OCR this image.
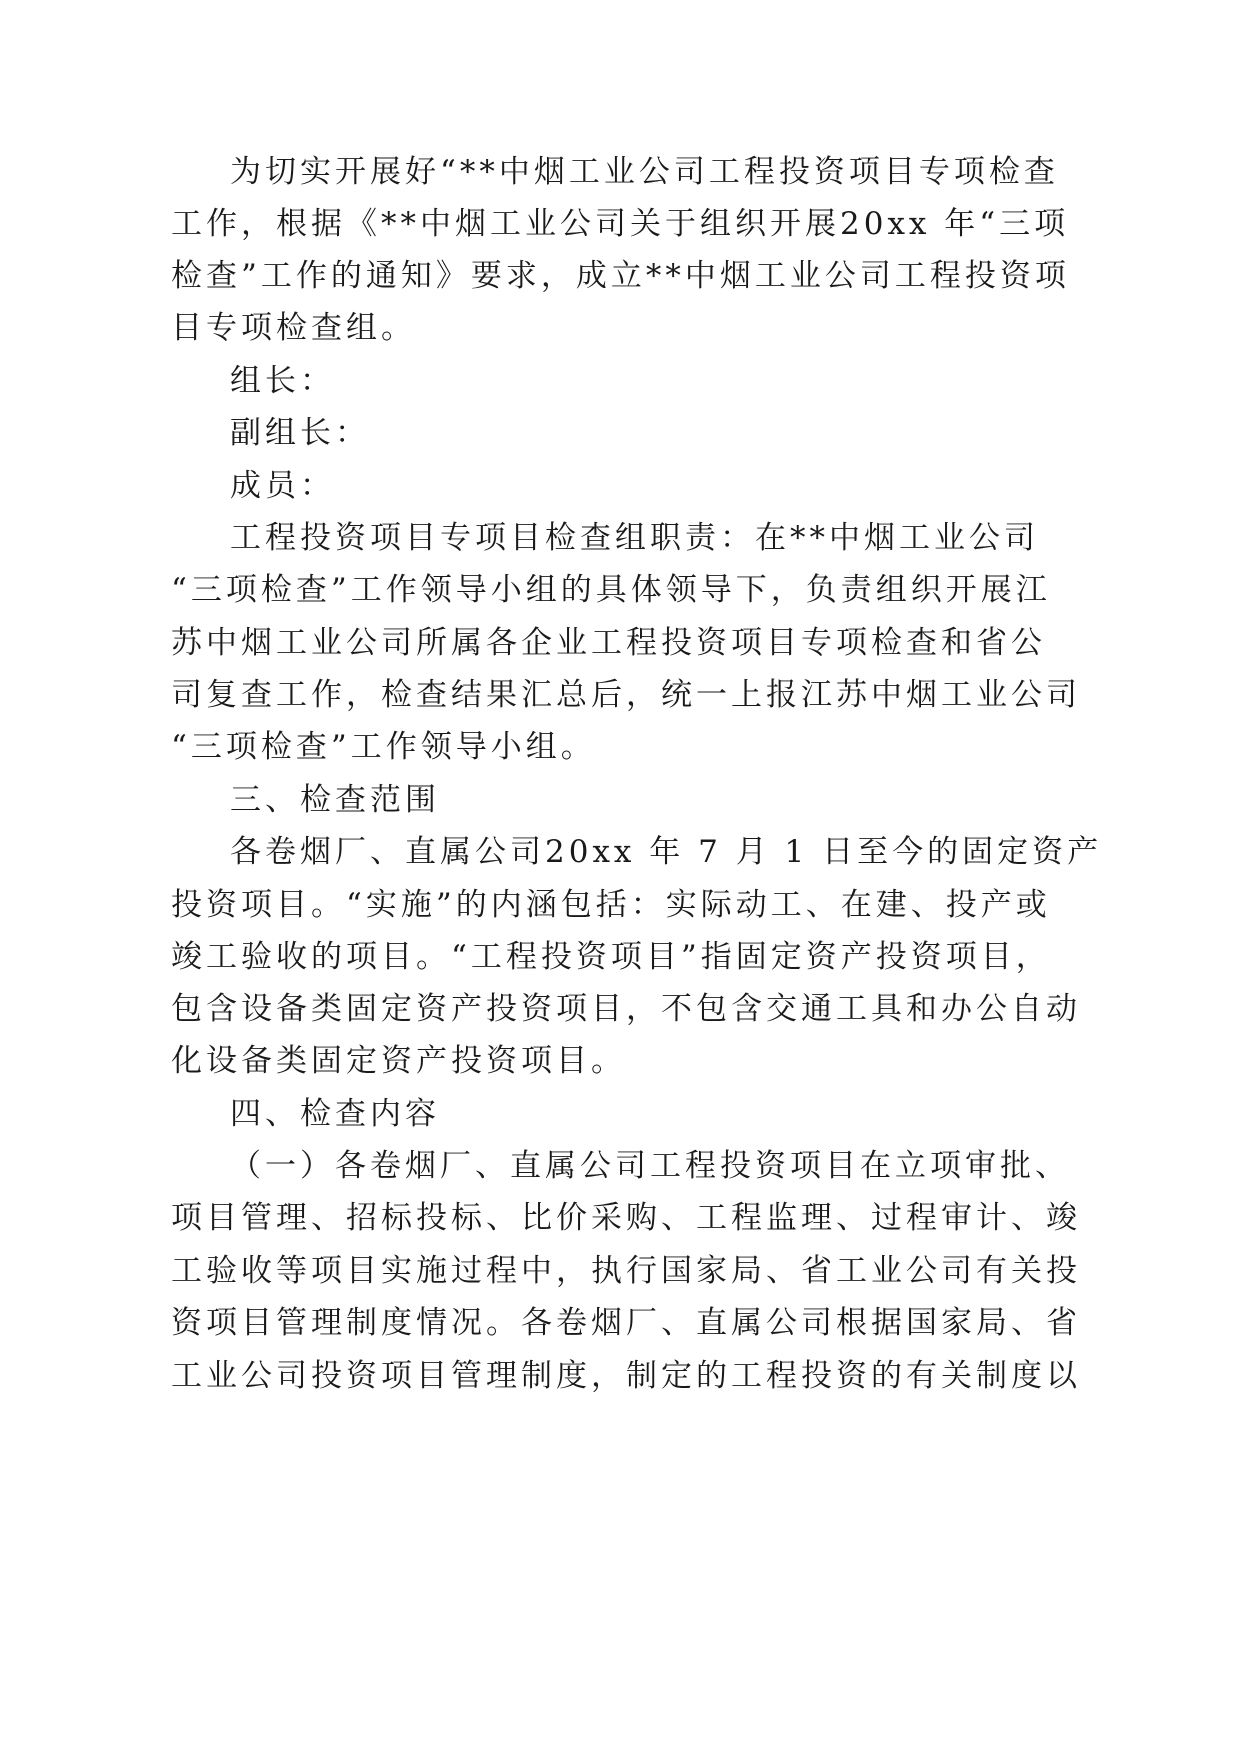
为切实开展好“**中烟工业公司工程投资项目专项检查
工作，根据《**中烟工业公司关于组织开展20xx 年“三项
检查”工作的通知》要求，成立**中烟工业公司工程投资项
目专项检查组。
组长：
副组长：
成员：
工程投资项目专项目检查组职责：在**中烟工业公司
“三项检查”工作领导小组的具体领导下，负责组织开展江
苏中烟工业公司所属各企业工程投资项目专项检查和省公
司复查工作，检查结果汇总后，统一上报江苏中烟工业公司
“三项检查”工作领导小组。
三、检查范围
各卷烟厂、直属公司20xx 年 7 月 1 日至今的固定资产
投资项目。“实施”的内涵包括：实际动工、在建、投产或
竣工验收的项目。“工程投资项目”指固定资产投资项目，
包含设备类固定资产投资项目，不包含交通工具和办公自动
化设备类固定资产投资项目。
四、检查内容
（一）各卷烟厂、直属公司工程投资项目在立项审批、
项目管理、招标投标、比价采购、工程监理、过程审计、竣
工验收等项目实施过程中，执行国家局、省工业公司有关投
资项目管理制度情况。各卷烟厂、直属公司根据国家局、省
工业公司投资项目管理制度，制定的工程投资的有关制度以
